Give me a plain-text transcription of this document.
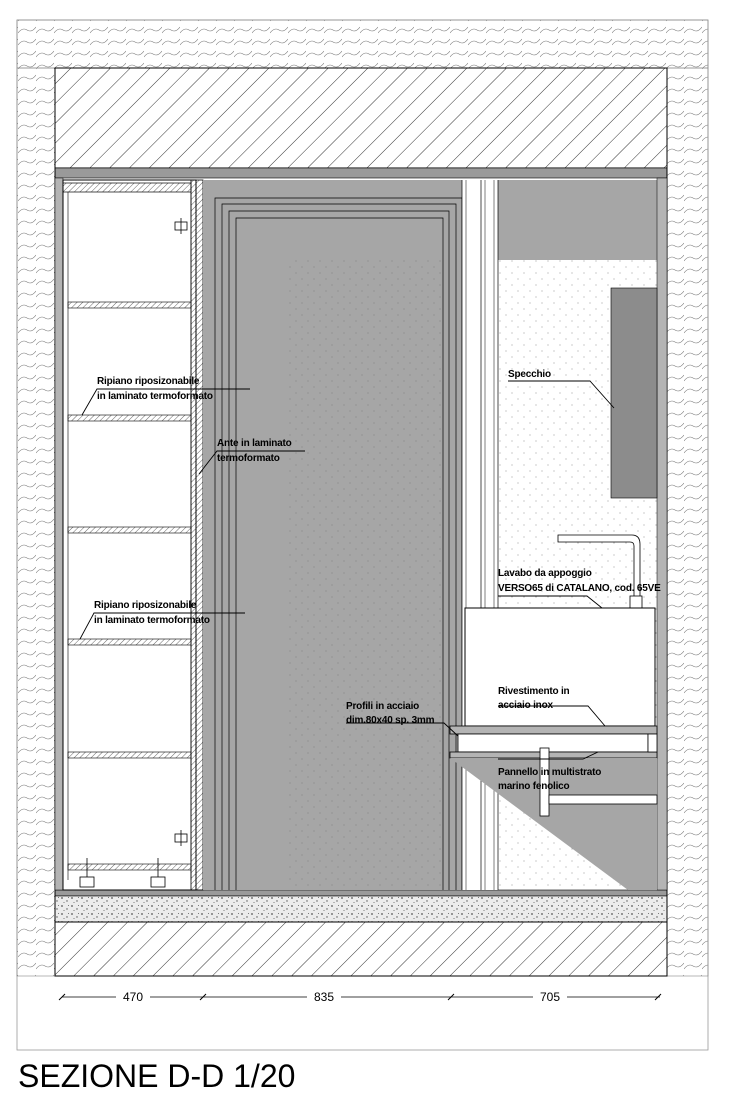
Ripiano riposizonabile
in laminato termoformato
Ante in laminato
termoformato
Ripiano riposizonabile
in laminato termoformato
Specchio
Lavabo da appoggio
VERSO65 di CATALANO, cod. 65VE
Profili in acciaio
dim.80x40 sp. 3mm
Rivestimento in
acciaio inox
Pannello in multistrato
marino fenolico
470	835	705
SEZIONE D-D 1/20
